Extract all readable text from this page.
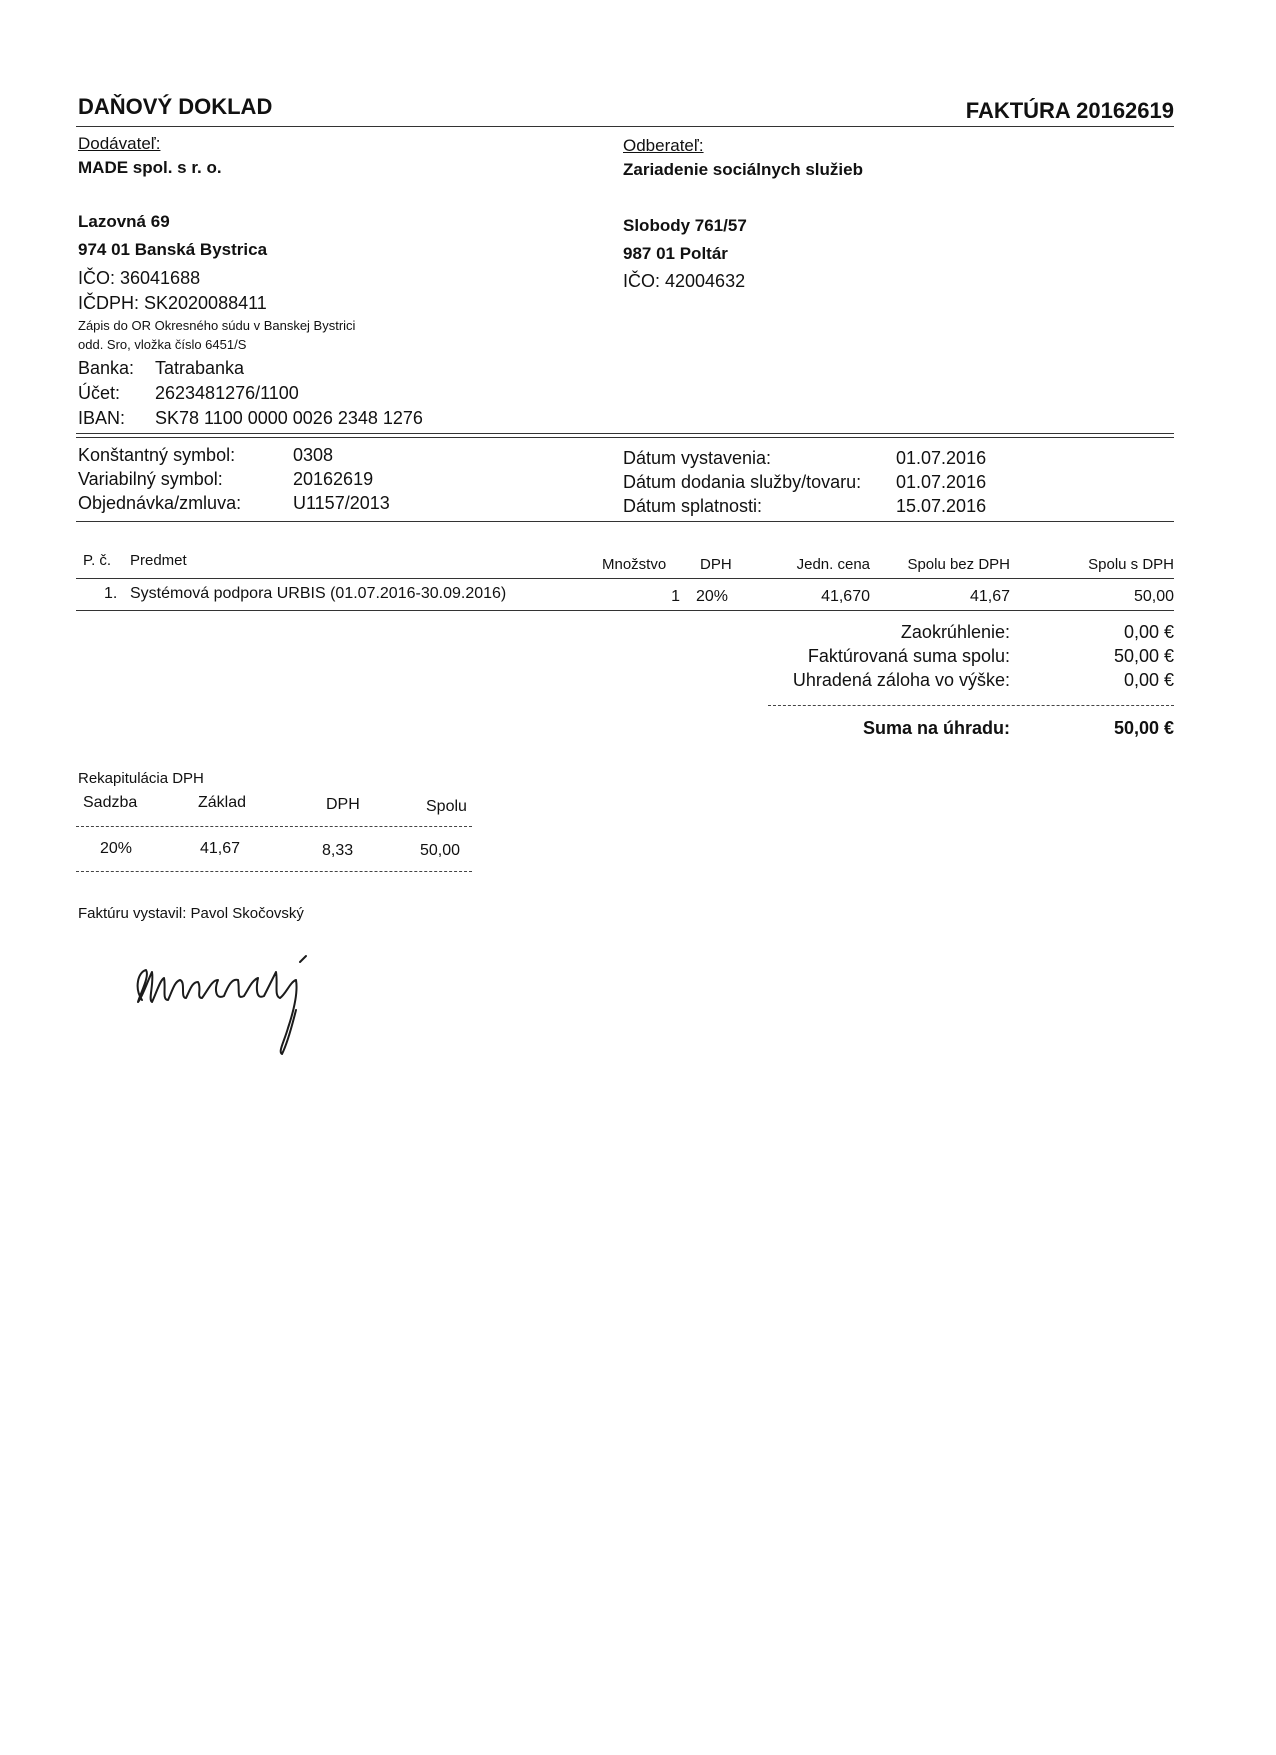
DAŇOVÝ DOKLAD	FAKTÚRA 20162619
Dodávateľ:
MADE spol. s r. o.
Lazovná 69
974 01 Banská Bystrica
IČO: 36041688
IČDPH: SK2020088411
Zápis do OR Okresného súdu v Banskej Bystrici
odd. Sro, vložka číslo 6451/S
Banka: Tatrabanka
Účet: 2623481276/1100
IBAN: SK78 1100 0000 0026 2348 1276
Odberateľ:
Zariadenie sociálnych služieb
Slobody 761/57
987 01 Poltár
IČO: 42004632
Konštantný symbol:	0308
Variabilný symbol:	20162619
Objednávka/zmluva:	U1157/2013
Dátum vystavenia:	01.07.2016
Dátum dodania služby/tovaru: 01.07.2016
Dátum splatnosti:	15.07.2016
P. č. Predmet	Množstvo DPH	Jedn. cena	Spolu bez DPH	Spolu s DPH
1. Systémová podpora URBIS (01.07.2016-30.09.2016)	1 20%	41,670	41,67	50,00
Zaokrúhlenie:	0,00 €
Faktúrovaná suma spolu:	50,00 €
Uhradená záloha vo výške:	0,00 €
Suma na úhradu:	50,00 €
Rekapitulácia DPH
Sadzba	Základ	DPH	Spolu
20%	41,67	8,33	50,00
Faktúru vystavil: Pavol Skočovský
